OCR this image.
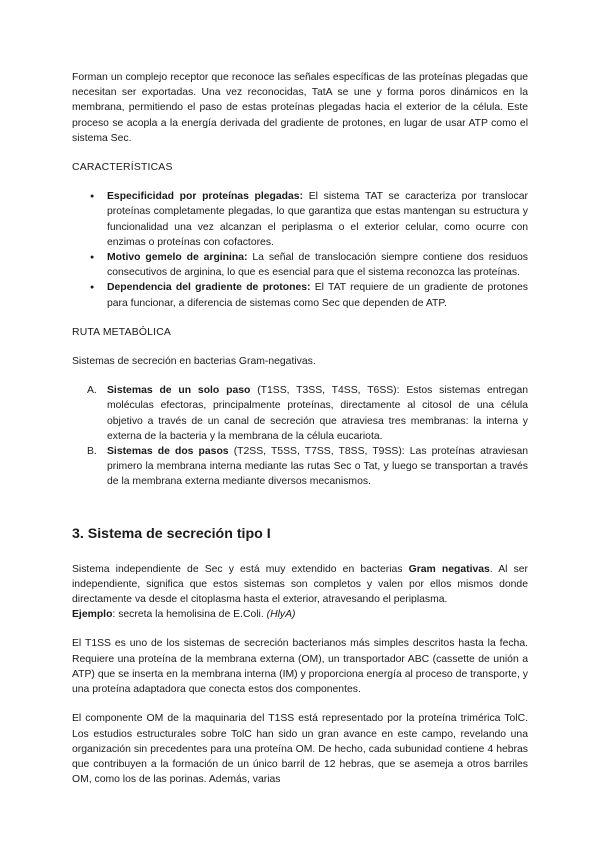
Forman un complejo receptor que reconoce las señales específicas de las proteínas plegadas que necesitan ser exportadas. Una vez reconocidas, TatA se une y forma poros dinámicos en la membrana, permitiendo el paso de estas proteínas plegadas hacia el exterior de la célula. Este proceso se acopla a la energía derivada del gradiente de protones, en lugar de usar ATP como el sistema Sec.

CARACTERÍSTICAS
● Especificidad por proteínas plegadas: El sistema TAT se caracteriza por translocar proteínas completamente plegadas, lo que garantiza que estas mantengan su estructura y funcionalidad una vez alcanzan el periplasma o el exterior celular, como ocurre con enzimas o proteínas con cofactores.
● Motivo gemelo de arginina: La señal de translocación siempre contiene dos residuos consecutivos de arginina, lo que es esencial para que el sistema reconozca las proteínas.
● Dependencia del gradiente de protones: El TAT requiere de un gradiente de protones para funcionar, a diferencia de sistemas como Sec que dependen de ATP.
RUTA METABÓLICA

Sistemas de secreción en bacterias Gram-negativas.

A. Sistemas de un solo paso (T1SS, T3SS, T4SS, T6SS): Estos sistemas entregan moléculas efectoras, principalmente proteínas, directamente al citosol de una célula objetivo a través de un canal de secreción que atraviesa tres membranas: la interna y externa de la bacteria y la membrana de la célula eucariota.
B. Sistemas de dos pasos (T2SS, T5SS, T7SS, T8SS, T9SS): Las proteínas atraviesan primero la membrana interna mediante las rutas Sec o Tat, y luego se transportan a través de la membrana externa mediante diversos mecanismos.
3. Sistema de secreción tipo I

Sistema independiente de Sec y está muy extendido en bacterias Gram negativas. Al ser independiente, significa que estos sistemas son completos y valen por ellos mismos donde directamente va desde el citoplasma hasta el exterior, atravesando el periplasma.

Ejemplo: secreta la hemolisina de E.Coli. (HlyA)

El T1SS es uno de los sistemas de secreción bacterianos más simples descritos hasta la fecha. Requiere una proteína de la membrana externa (OM), un transportador ABC (cassette de unión a ATP) que se inserta en la membrana interna (IM) y proporciona energía al proceso de transporte, y una proteína adaptadora que conecta estos dos componentes.

El componente OM de la maquinaria del T1SS está representado por la proteína trimérica TolC. Los estudios estructurales sobre TolC han sido un gran avance en este campo, revelando una organización sin precedentes para una proteína OM. De hecho, cada subunidad contiene 4 hebras que contribuyen a la formación de un único barril de 12 hebras, que se asemeja a otros barriles OM, como los de las porinas. Además, varias
